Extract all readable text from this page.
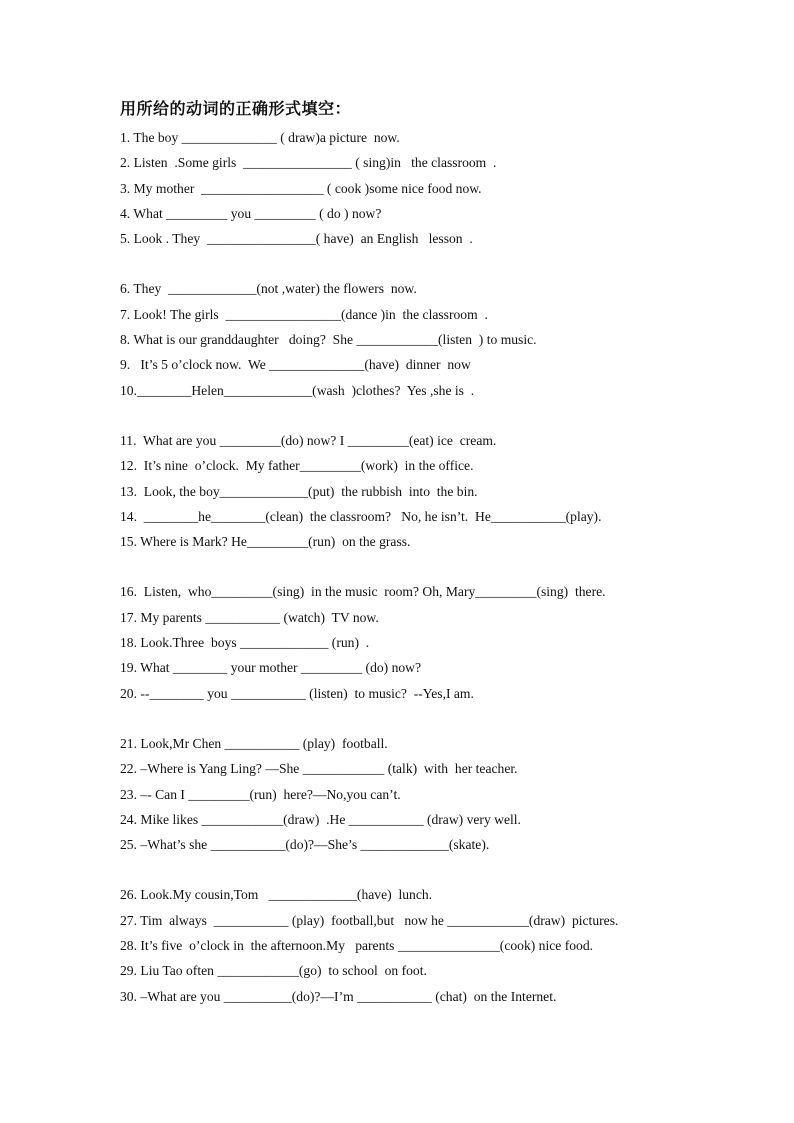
用所给的动词的正确形式填空：
1. The boy ______________ ( draw)a picture  now.
2. Listen  .Some girls  ________________ ( sing)in   the classroom  .
3. My mother  __________________ ( cook )some nice food now.
4. What _________ you _________ ( do ) now?
5. Look . They  ________________( have)  an English   lesson  .
6. They  _____________(not ,water) the flowers  now.
7. Look! The girls  _________________(dance )in  the classroom  .
8. What is our granddaughter   doing?  She ____________(listen  ) to music.
9.   It’s 5 o’clock now.  We ______________(have)  dinner  now
10.________Helen_____________(wash  )clothes?  Yes ,she is  .
11.  What are you _________(do) now? I _________(eat) ice  cream.
12.  It’s nine  o’clock.  My father_________(work)  in the office.
13.  Look, the boy_____________(put)  the rubbish  into  the bin.
14.  ________he________(clean)  the classroom?   No, he isn’t.  He___________(play).
15. Where is Mark? He_________(run)  on the grass.
16.  Listen,  who_________(sing)  in the music  room? Oh, Mary_________(sing)  there.
17. My parents ___________ (watch)  TV now.
18. Look.Three  boys _____________ (run)  .
19. What ________ your mother _________ (do) now?
20. --________ you ___________ (listen)  to music?  --Yes,I am.
21. Look,Mr Chen ___________ (play)  football.
22. –Where is Yang Ling? —She ____________ (talk)  with  her teacher.
23. –- Can I _________(run)  here?—No,you can’t.
24. Mike likes ____________(draw)  .He ___________ (draw) very well.
25. –What’s she ___________(do)?—She’s _____________(skate).
26. Look.My cousin,Tom   _____________(have)  lunch.
27. Tim  always  ___________ (play)  football,but   now he ____________(draw)  pictures.
28. It’s five  o’clock in  the afternoon.My   parents _______________(cook) nice food.
29. Liu Tao often ____________(go)  to school  on foot.
30. –What are you __________(do)?—I’m ___________ (chat)  on the Internet.
